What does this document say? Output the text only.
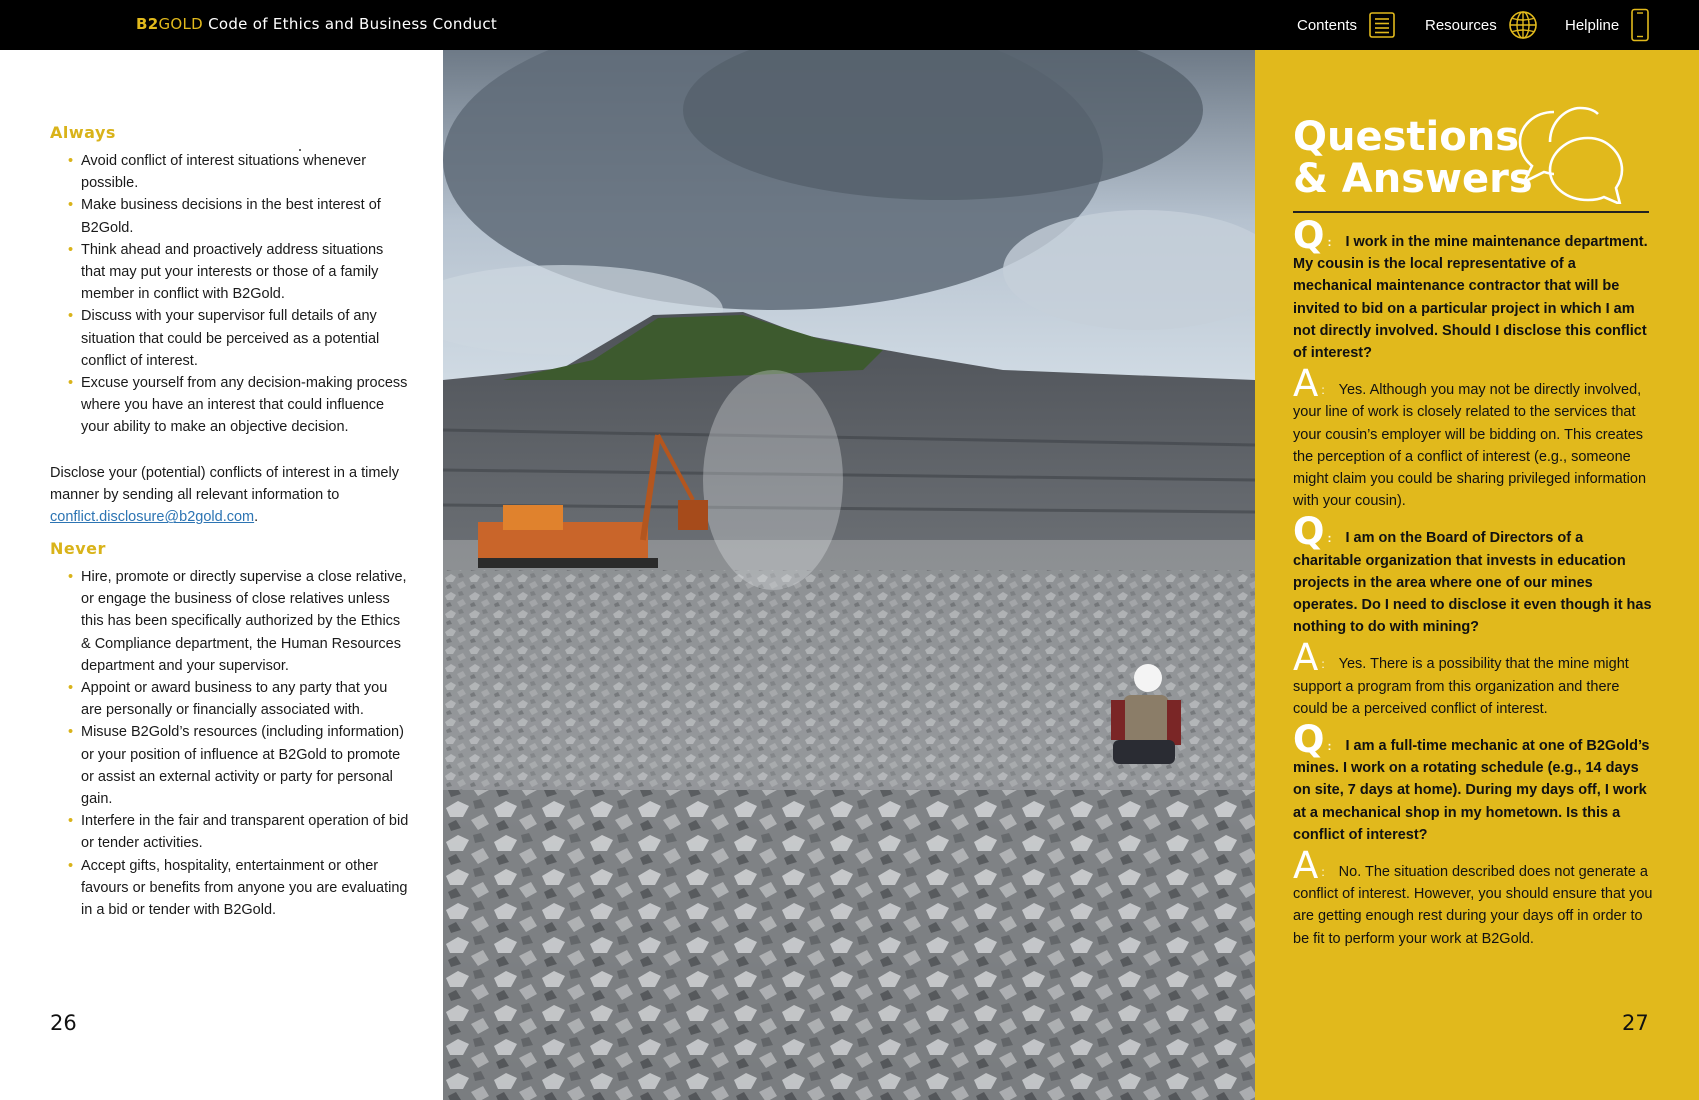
B2GOLD Code of Ethics and Business Conduct	Contents	Resources	Helpline
Always
• Avoid conflict of interest situations whenever possible.
• Make business decisions in the best interest of B2Gold.
• Think ahead and proactively address situations that may put your interests or those of a family member in conflict with B2Gold.
• Discuss with your supervisor full details of any situation that could be perceived as a potential conflict of interest.
• Excuse yourself from any decision-making process where you have an interest that could influence your ability to make an objective decision.
Disclose your (potential) conflicts of interest in a timely manner by sending all relevant information to conflict.disclosure@b2gold.com.
Never
• Hire, promote or directly supervise a close relative, or engage the business of close relatives unless this has been specifically authorized by the Ethics & Compliance department, the Human Resources department and your supervisor.
• Appoint or award business to any party that you are personally or financially associated with.
• Misuse B2Gold’s resources (including information) or your position of influence at B2Gold to promote or assist an external activity or party for personal gain.
• Interfere in the fair and transparent operation of bid or tender activities.
• Accept gifts, hospitality, entertainment or other favours or benefits from anyone you are evaluating in a bid or tender with B2Gold.
26
Questions
& Answers
Q : I work in the mine maintenance department. My cousin is the local representative of a mechanical maintenance contractor that will be invited to bid on a particular project in which I am not directly involved. Should I disclose this conflict of interest?
A : Yes. Although you may not be directly involved, your line of work is closely related to the services that your cousin’s employer will be bidding on. This creates the perception of a conflict of interest (e.g., someone might claim you could be sharing privileged information with your cousin).
Q : I am on the Board of Directors of a charitable organization that invests in education projects in the area where one of our mines operates. Do I need to disclose it even though it has nothing to do with mining?
A : Yes. There is a possibility that the mine might support a program from this organization and there could be a perceived conflict of interest.
Q : I am a full-time mechanic at one of B2Gold’s mines. I work on a rotating schedule (e.g., 14 days on site, 7 days at home). During my days off, I work at a mechanical shop in my hometown. Is this a conflict of interest?
A : No. The situation described does not generate a conflict of interest. However, you should ensure that you are getting enough rest during your days off in order to be fit to perform your work at B2Gold.
27
